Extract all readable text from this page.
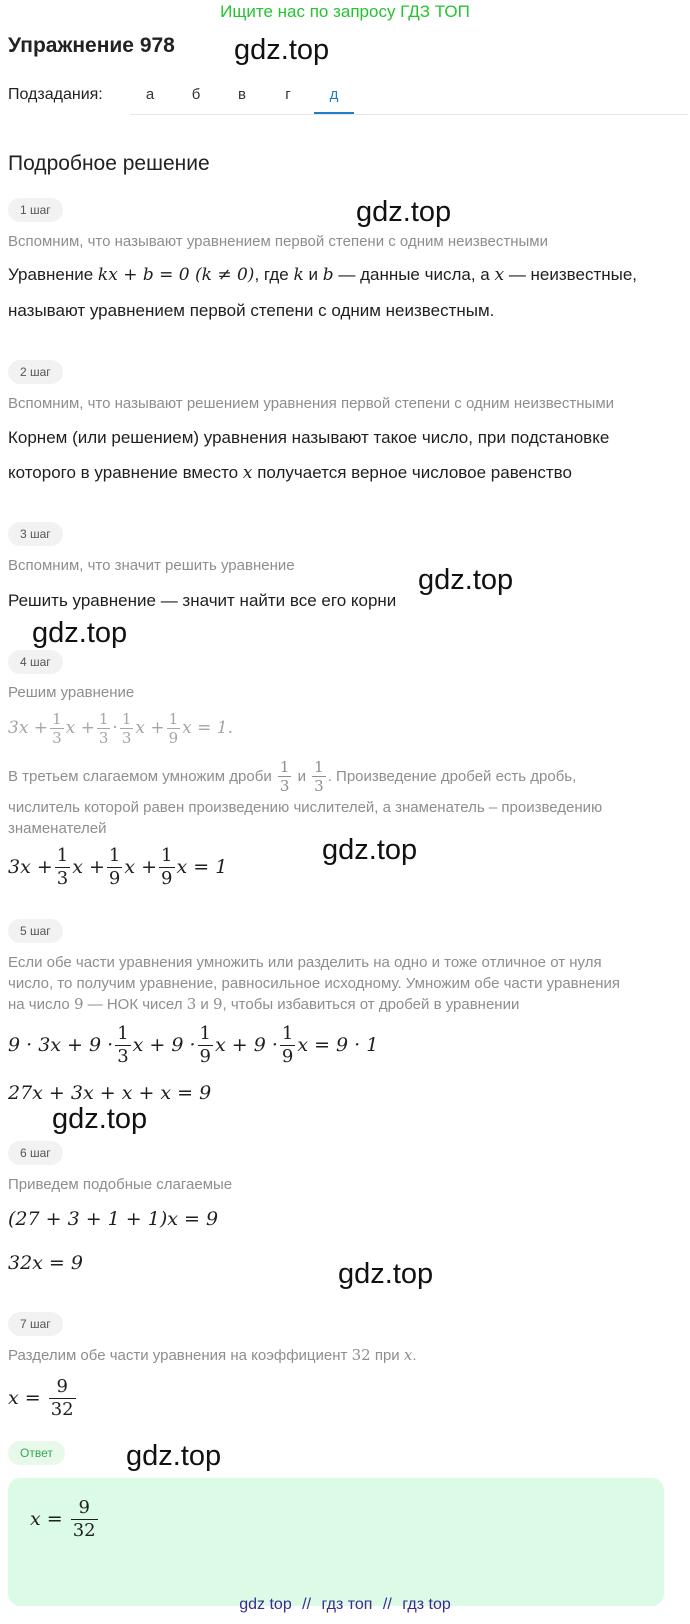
Ищите нас по запросу ГДЗ ТОП
Упражнение 978
Подзадания:	а	б	в	г	д
Подробное решение
gdz.top
gdz.top
gdz.top
gdz.top
gdz.top
gdz.top
gdz.top
gdz.top
1 шаг
Вспомним, что называют уравнением первой степени с одним неизвестными
Уравнение kx + b = 0 (k ≠ 0), где k и b — данные числа, а x — неизвестные,
называют уравнением первой степени с одним неизвестным.
2 шаг
Вспомним, что называют решением уравнения первой степени с одним неизвестными
Корнем (или решением) уравнения называют такое число, при подстановке
которого в уравнение вместо x получается верное числовое равенство
3 шаг
Вспомним, что значит решить уравнение
Решить уравнение — значит найти все его корни
4 шаг
Решим уравнение
$3x + \frac{1}{3}$ $x + \frac{1}{3} \cdot \frac{1}{3}$ $x + \frac{1}{9}$ x = 1.
В третьем слагаемом умножим дроби
$\frac{1}{3}$
и
$\frac{1}{3}$ . Произведение дробей есть дробь,
числитель которой равен произведению числителей, а знаменатель – произведению
знаменателей
$3x + \frac{1}{3}$ $x + \frac{1}{9}$ $x + \frac{1}{9}$ x = 1
5 шаг
Если обе части уравнения умножить или разделить на одно и тоже отличное от нуля
число, то получим уравнение, равносильное исходному. Умножим обе части уравнения
на число 9 — НОК чисел 3 и 9, чтобы избавиться от дробей в уравнении
$9 \cdot 3x + 9 \cdot \frac{1}{3}$ $x + 9 \cdot \frac{1}{9}$ $x + 9 \cdot \frac{1}{9}$ x = 9 · 1
27x + 3x + x + x = 9
6 шаг
Приведем подобные слагаемые
(27 + 3 + 1 + 1)x = 9
32x = 9
7 шаг
Разделим обе части уравнения на коэффициент 32 при x.
x =
$\frac{9}{32}$
Ответ
x =
$\frac{9}{32}$
gdz top // гдз топ // гдз top
